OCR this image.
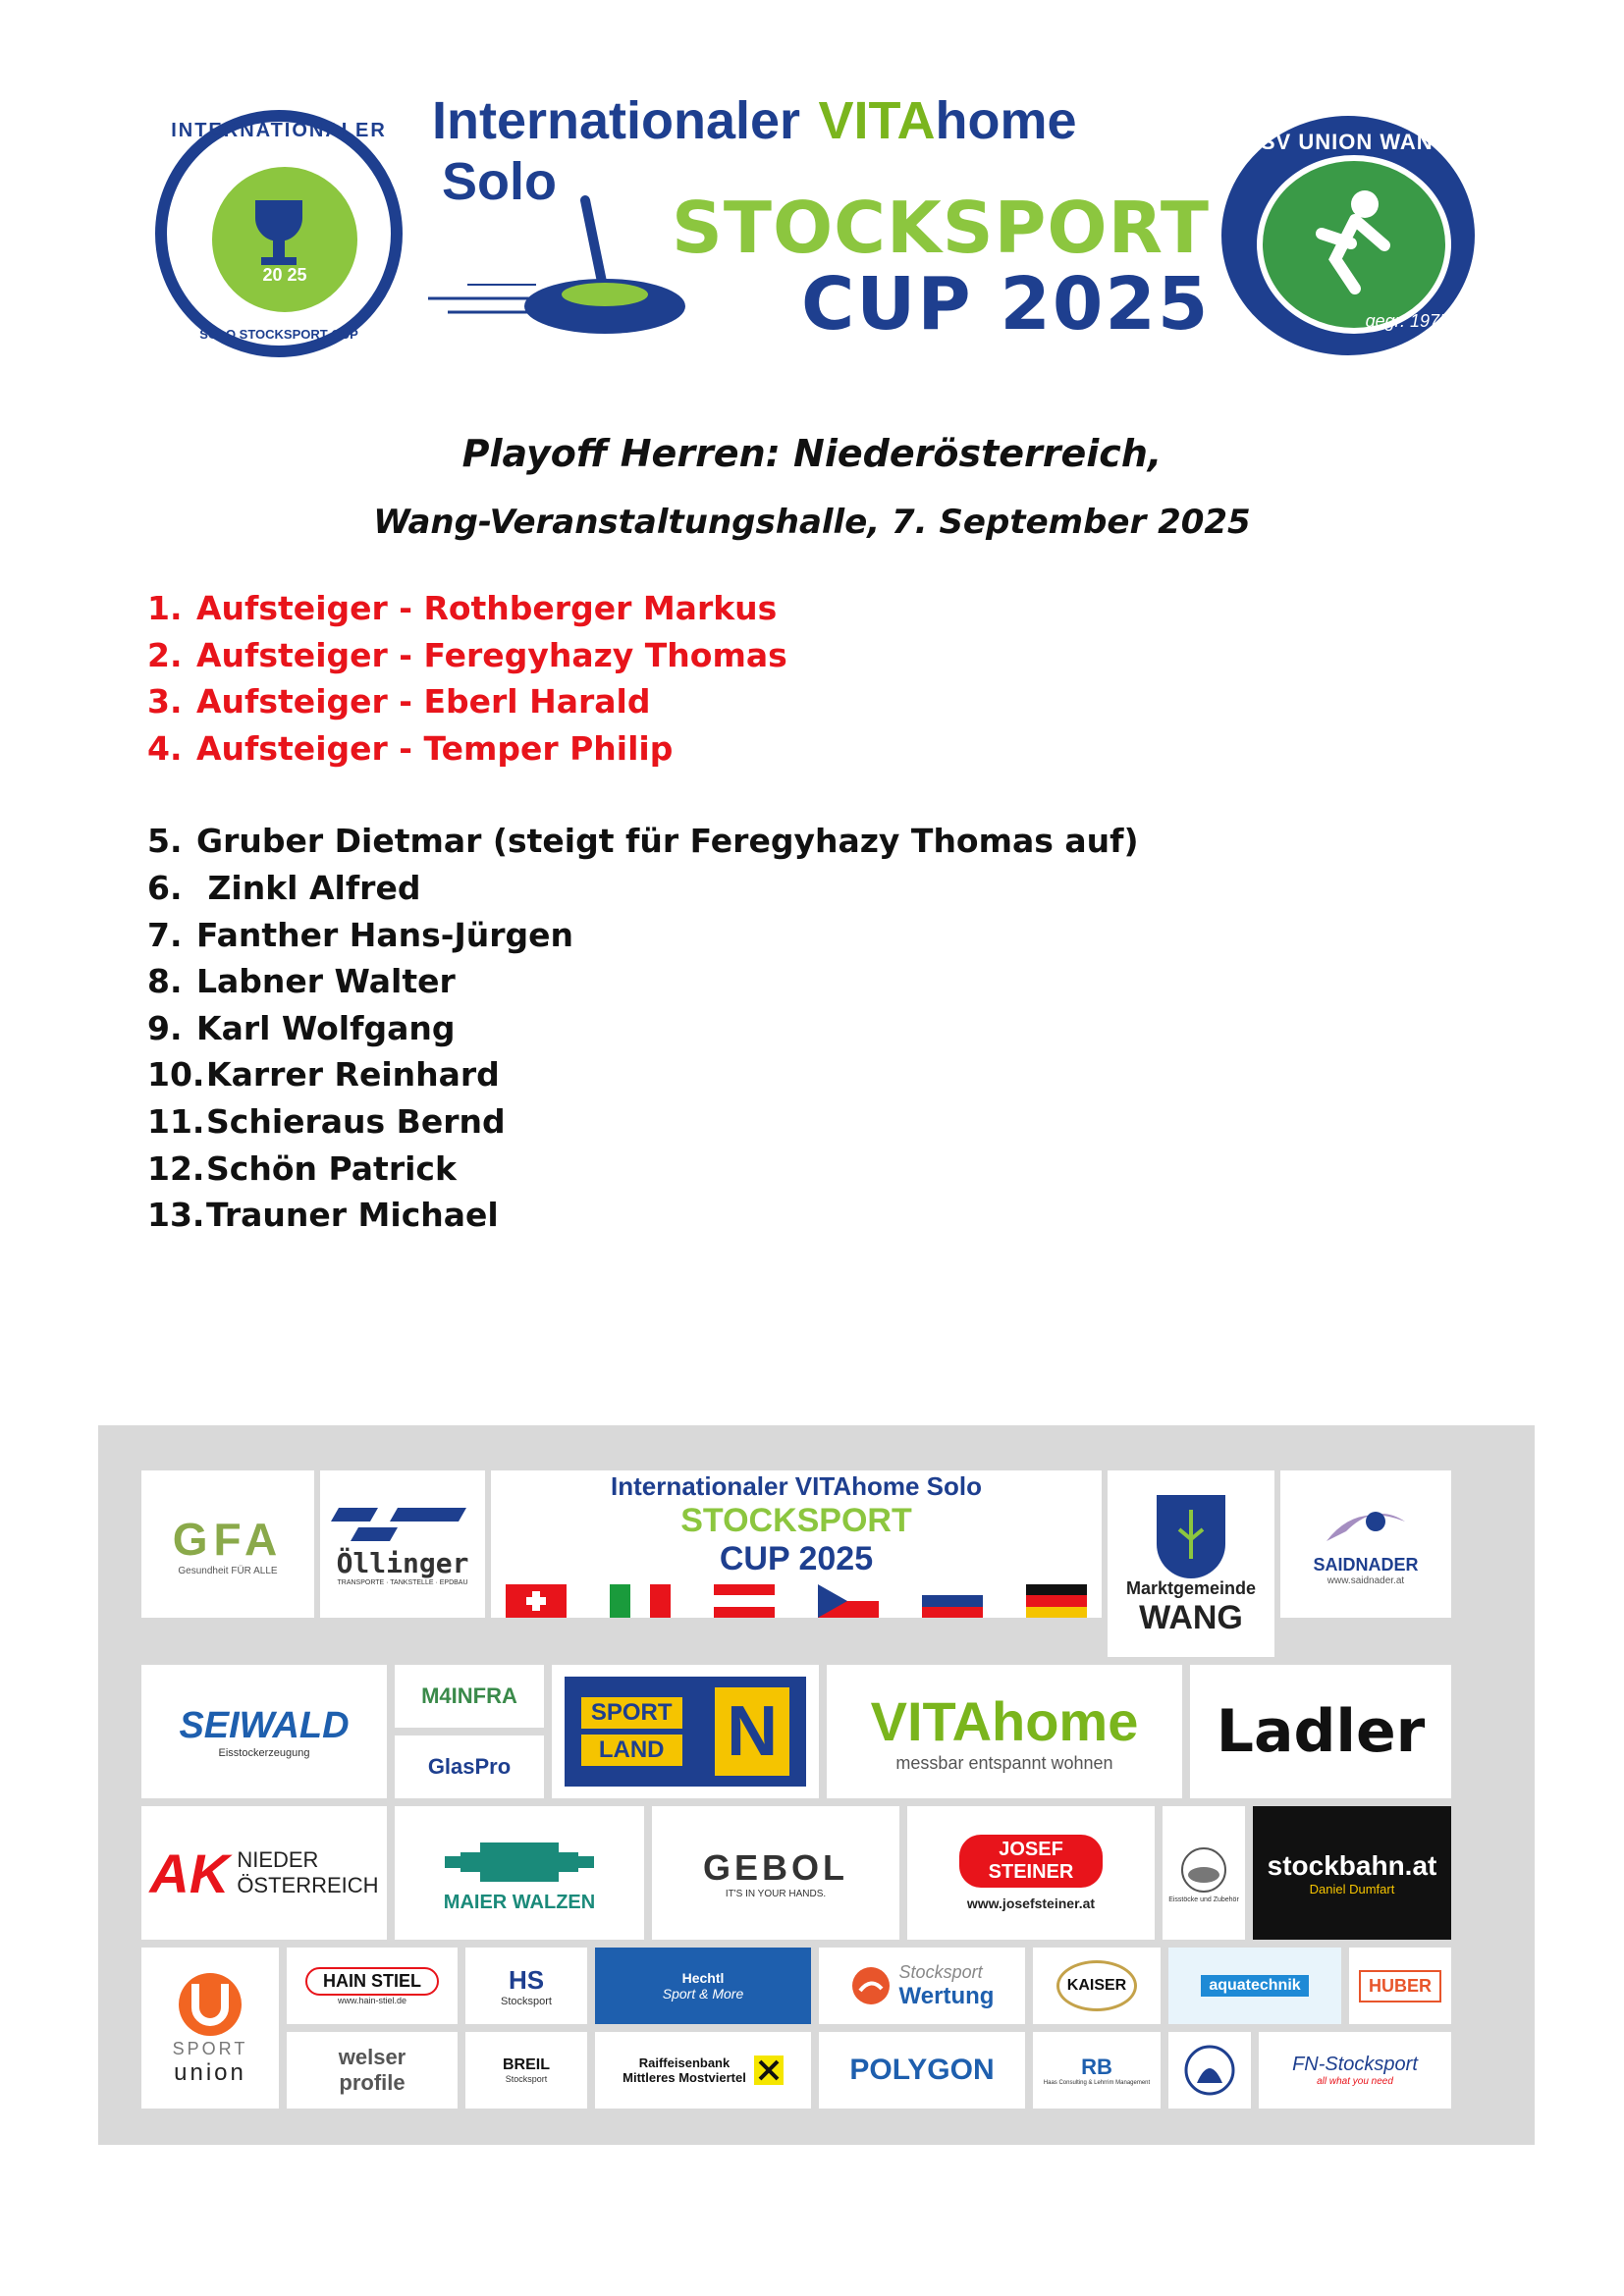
INTERNATIONALER
20 25
SOLO STOCKSPORT CUP
Internationaler VITAhome Solo
STOCKSPORT
CUP 2025
ESV UNION WANG
gegr. 1975
Playoff Herren: Niederösterreich,
Wang-Veranstaltungshalle, 7. September 2025
1. Aufsteiger - Rothberger Markus
2. Aufsteiger - Feregyhazy Thomas
3. Aufsteiger - Eberl Harald
4. Aufsteiger - Temper Philip
5. Gruber Dietmar (steigt für Feregyhazy Thomas auf)
6. Zinkl Alfred
7. Fanther Hans-Jürgen
8. Labner Walter
9. Karl Wolfgang
10.Karrer Reinhard
11.Schieraus Bernd
12.Schön Patrick
13.Trauner Michael
GFA
Gesundheit FÜR ALLE Öllinger
TRANSPORTE · TANKSTELLE · EPDBAU
Internationaler VITAhome Solo
STOCKSPORT
CUP 2025
Marktgemeinde
WANG
SAIDNADER
www.saidnader.at
SEIWALD
Eisstockerzeugung
M4INFRA
GlasPro
SPORT
LAND N VITAhome
messbar entspannt wohnen Ladler
AK NIEDER
ÖSTERREICH
MAIER WALZEN
GEBOL
IT'S IN YOUR HANDS.
JOSEF
STEINER
www.josefsteiner.at	Eisstöcke und Zubehör
stockbahn.at
Daniel Dumfart
SPORT
union
HAIN STIEL
www.hain-stiel.de
welser
profile
HS
Stocksport
BREIL
Stocksport
Hechtl
Sport & More
Raiffeisenbank
Mittleres Mostviertel
Stocksport
Wertung
POLYGON
KAISER
RB
Haas Consulting & Lehrrim Management
aquatechnik	HUBER
FN-Stocksport
all what you need
